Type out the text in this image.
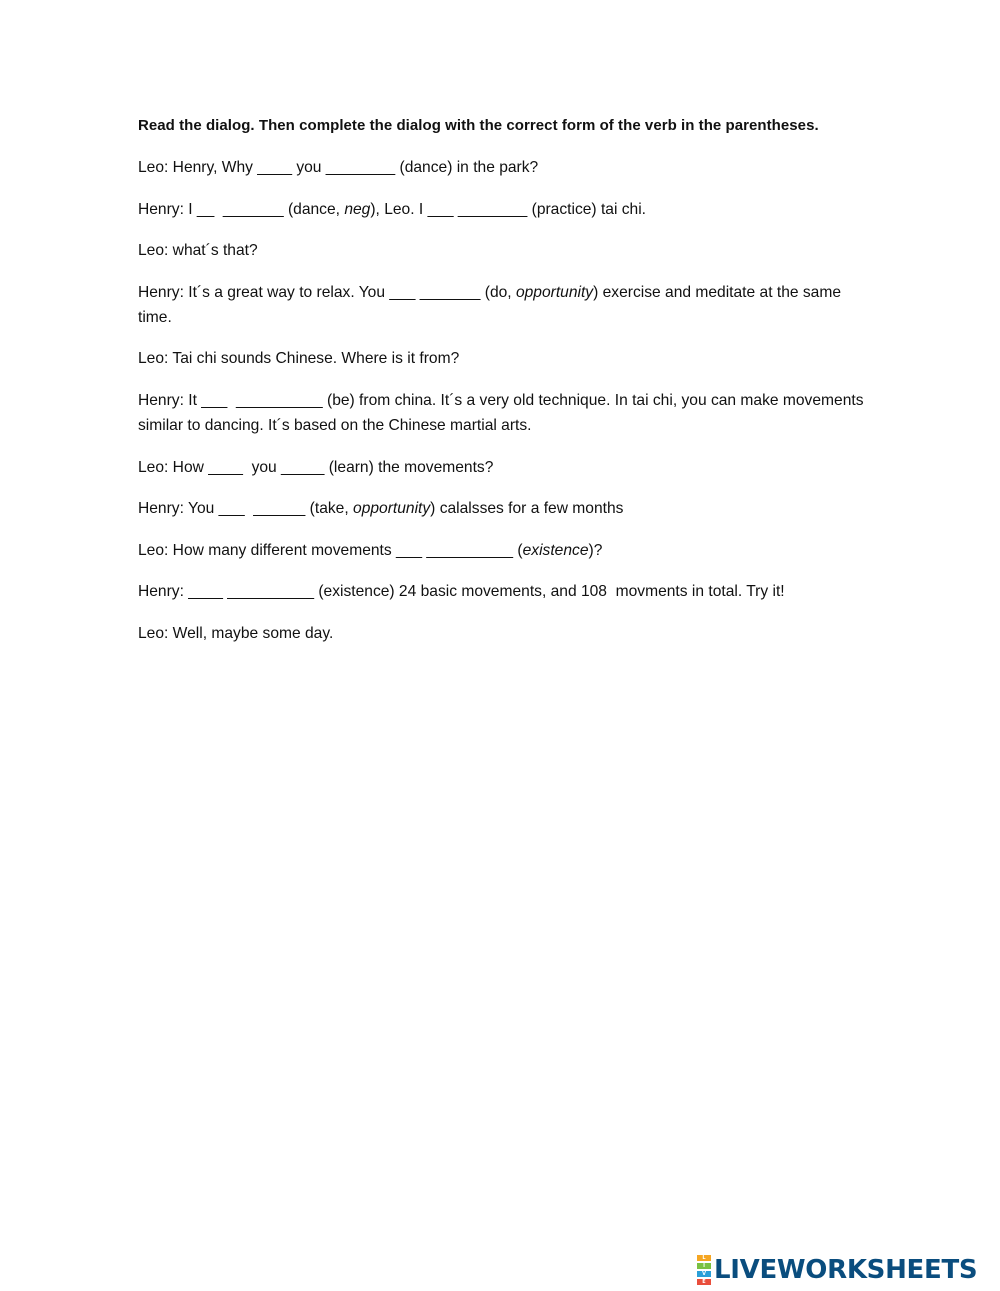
Read the dialog. Then complete the dialog with the correct form of the verb in the parentheses.
Leo: Henry, Why ____ you ________ (dance) in the park?
Henry: I __  _______ (dance, neg), Leo. I ___ ________ (practice) tai chi.
Leo: what´s that?
Henry: It´s a great way to relax. You ___ _______ (do, opportunity) exercise and meditate at the same time.
Leo: Tai chi sounds Chinese. Where is it from?
Henry: It ___  __________ (be) from china. It´s a very old technique. In tai chi, you can make movements similar to dancing. It´s based on the Chinese martial arts.
Leo: How ____  you _____ (learn) the movements?
Henry: You ___  ______ (take, opportunity) calalsses for a few months
Leo: How many different movements ___ __________ (existence)?
Henry: ____ __________ (existence) 24 basic movements, and 108  movments in total. Try it!
Leo: Well, maybe some day.
L
I
V
E LIVEWORKSHEETS
